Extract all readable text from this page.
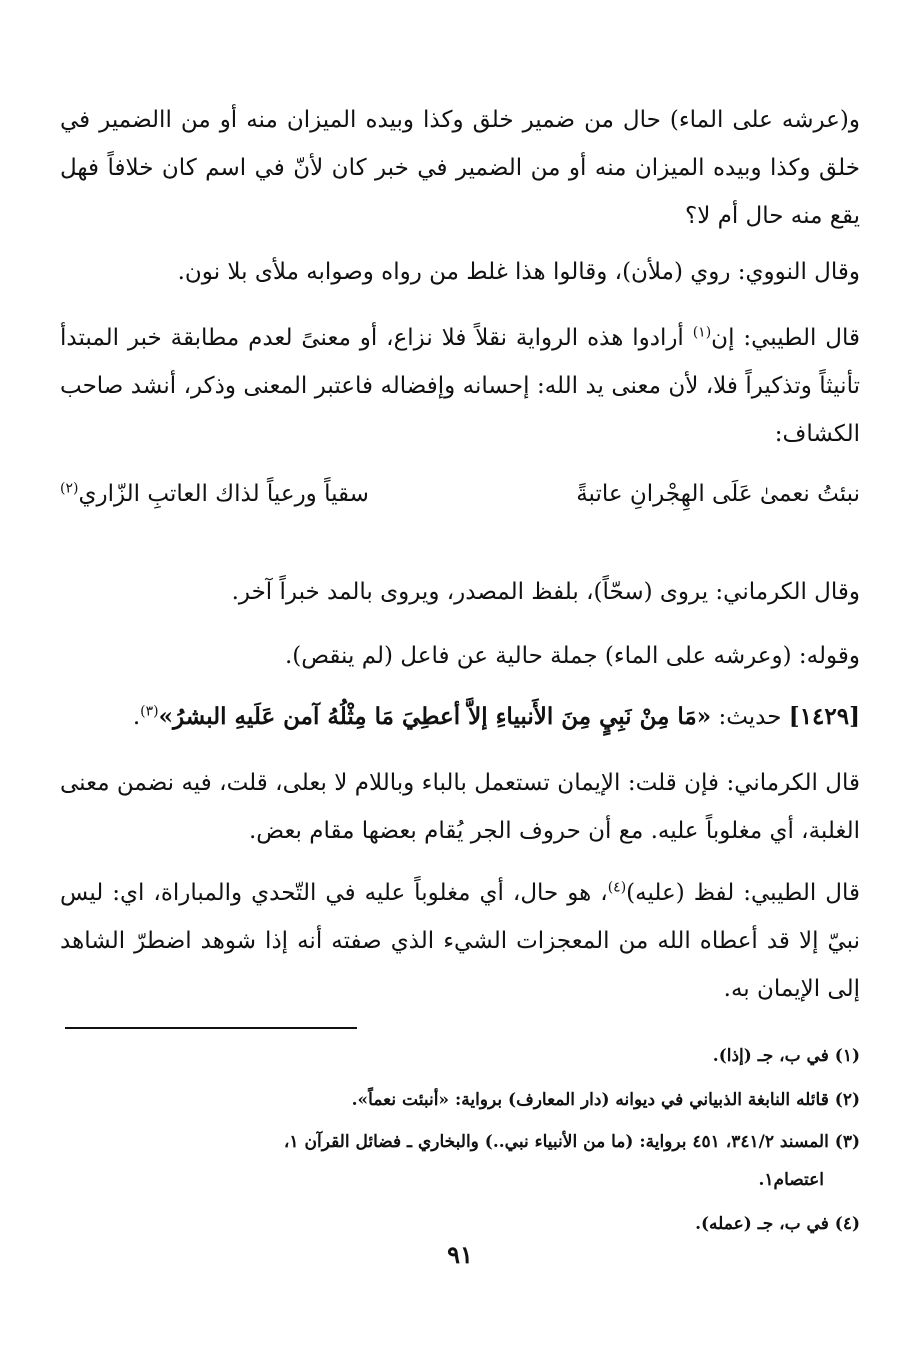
و(عرشه على الماء) حال من ضمير خلق وكذا وبيده الميزان منه أو من االضمير في خلق وكذا وبيده الميزان منه أو من الضمير في خبر كان لأنّ في اسم كان خلافاً فهل يقع منه حال أم لا؟

وقال النووي: روي (ملأن)، وقالوا هذا غلط من رواه وصوابه ملأى بلا نون.

قال الطيبي: إن$^{(١)}$ أرادوا هذه الرواية نقلاً فلا نزاع، أو معنىً لعدم مطابقة خبر المبتدأ تأنيثاً وتذكيراً فلا، لأن معنى يد الله: إحسانه وإفضاله فاعتبر المعنى وذكر، أنشد صاحب الكشاف:

نبئتُ نعمىٰ عَلَى الهِجْرانِ عاتبةً
سقياً ورعياً لذاك العاتبِ الزّاري$^{(٢)}$

وقال الكرماني: يروى (سحّاً)، بلفظ المصدر، ويروى بالمد خبراً آخر.

وقوله: (وعرشه على الماء) جملة حالية عن فاعل (لم ينقص).

[١٤٢٩] حديث: «مَا مِنْ نَبِيٍ مِنَ الأَنبياءِ إلاَّ أعطِيَ مَا مِثْلُهُ آمن عَلَيهِ البشرُ»$^{(٣)}$.

قال الكرماني: فإن قلت: الإيمان تستعمل بالباء وباللام لا بعلى، قلت، فيه نضمن معنى الغلبة، أي مغلوباً عليه. مع أن حروف الجر يُقام بعضها مقام بعض.

قال الطيبي: لفظ (عليه)$^{(٤)}$، هو حال، أي مغلوباً عليه في التّحدي والمباراة، اي: ليس نبيّ إلا قد أعطاه الله من المعجزات الشيء الذي صفته أنه إذا شوهد اضطرّ الشاهد إلى الإيمان به.

(١) في ب، جـ (إذا).

(٢) قائله النابغة الذبياني في ديوانه (دار المعارف) برواية: «أنبئت نعماً».

(٣) المسند ٣٤١/٢، ٤٥١ برواية: (ما من الأنبياء نبي..) والبخاري ـ فضائل القرآن ١،

اعتصام١.

(٤) في ب، جـ (عمله).

٩١
